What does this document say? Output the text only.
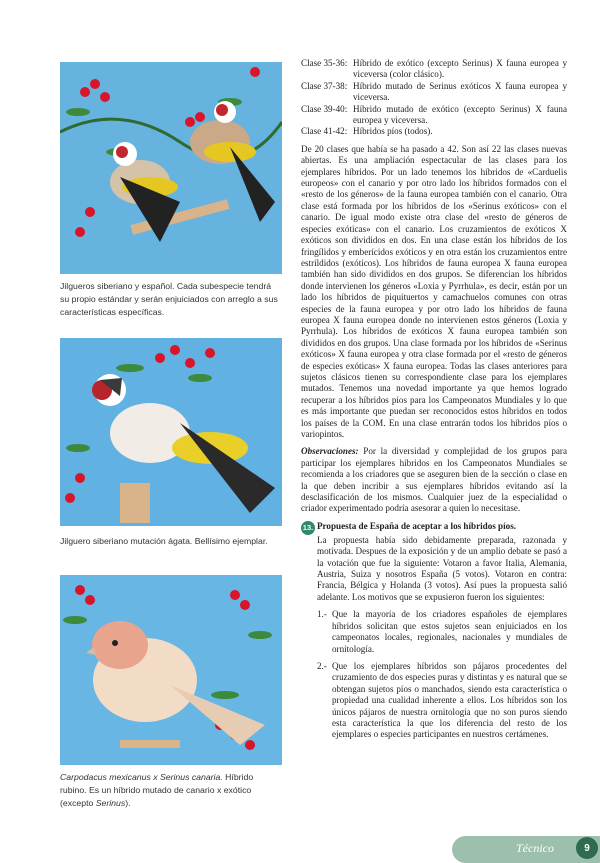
Jilgueros siberiano y español. Cada subespecie tendrá su propio estándar y serán enjuiciados con arreglo a sus características específicas.
Jilguero siberiano mutación ágata. Bellísimo ejemplar.
Carpodacus mexicanus x Serinus canaria. Híbrido rubino. Es un híbrido mutado de canario x exótico (excepto Serinus).
Clase 35-36: Híbrido de exótico (excepto Serinus) X fauna europea y viceversa (color clásico).
Clase 37-38: Híbrido mutado de Serinus exóticos X fauna europea y viceversa.
Clase 39-40: Híbrido mutado de exótico (excepto Serinus) X fauna europea y viceversa.
Clase 41-42: Híbridos píos (todos).

De 20 clases que había se ha pasado a 42. Son así 22 las clases nuevas abiertas. Es una ampliación espectacular de las clases para los ejemplares híbridos. Por un lado tenemos los híbridos de «Carduelis europeos» con el canario y por otro lado los híbridos formados con el «resto de los géneros» de la fauna europea también con el canario. Otra clase está formada por los híbridos de los «Serinus exóticos» con el canario. De igual modo existe otra clase del «resto de géneros de especies exóticas» con el canario. Los cruzamientos de exóticos X exóticos son divididos en dos. En una clase están los híbridos de los fringílidos y emberícidos exóticos y en otra están los cruzamientos entre estríldidos (exóticos). Los híbridos de fauna europea X fauna europea también han sido divididos en dos grupos. Se diferencian los híbridos donde intervienen los géneros «Loxia y Pyrrhula», es decir, están por un lado los híbridos de piquituertos y camachuelos comunes con otras especies de la fauna europea y por otro lado los híbridos de fauna europea X fauna europea donde no intervienen estos géneros (Loxia y Pyrrhula). Los híbridos de exóticos X fauna europea también son divididos en dos grupos. Una clase formada por los híbridos de «Serinus exóticos» X fauna europea y otra clase formada por el «resto de géneros de especies exóticas» X fauna europea. Todas las clases anteriores para sujetos clásicos tienen su correspondiente clase para los ejemplares mutados. Tenemos una novedad importante ya que hemos logrado recuperar a los híbridos píos para los Campeonatos Mundiales y lo que es más importante que puedan ser reconocidos estos híbridos en todos los países de la COM. En una clase entrarán todos los híbridos píos o variopintos.

Observaciones: Por la diversidad y complejidad de los grupos para participar los ejemplares híbridos en los Campeonatos Mundiales se recomienda a los criadores que se aseguren bien de la sección o clase en la que deben incribir a sus ejemplares híbridos evitando así la desclasificación de los mismos. Cualquier juez de la especialidad o criador experimentado podría asesorar a quien lo necesitase.

13. Propuesta de España de aceptar a los híbridos píos.

La propuesta había sido debidamente preparada, razonada y motivada. Despues de la exposición y de un amplio debate se pasó a la votación que fue la siguiente: Votaron a favor Italia, Alemania, Austria, Suiza y nosotros España (5 votos). Votaron en contra: Francia, Bélgica y Holanda (3 votos). Así pues la propuesta salió adelante. Los motivos que se expusieron fueron los siguientes:

1.- Que la mayoría de los criadores españoles de ejemplares híbridos solicitan que estos sujetos sean enjuiciados en los campeonatos locales, regionales, nacionales y mundiales de ornitología.
2.- Que los ejemplares híbridos son pájaros procedentes del cruzamiento de dos especies puras y distintas y es natural que se obtengan sujetos píos o manchados, siendo esta característica o propiedad una cualidad inherente a ellos. Los híbridos son los únicos pájaros de nuestra ornitología que no son puros siendo esta característica la que los diferencia del resto de los ejemplares o especies participantes en nuestros certámenes.
Técnico	9
